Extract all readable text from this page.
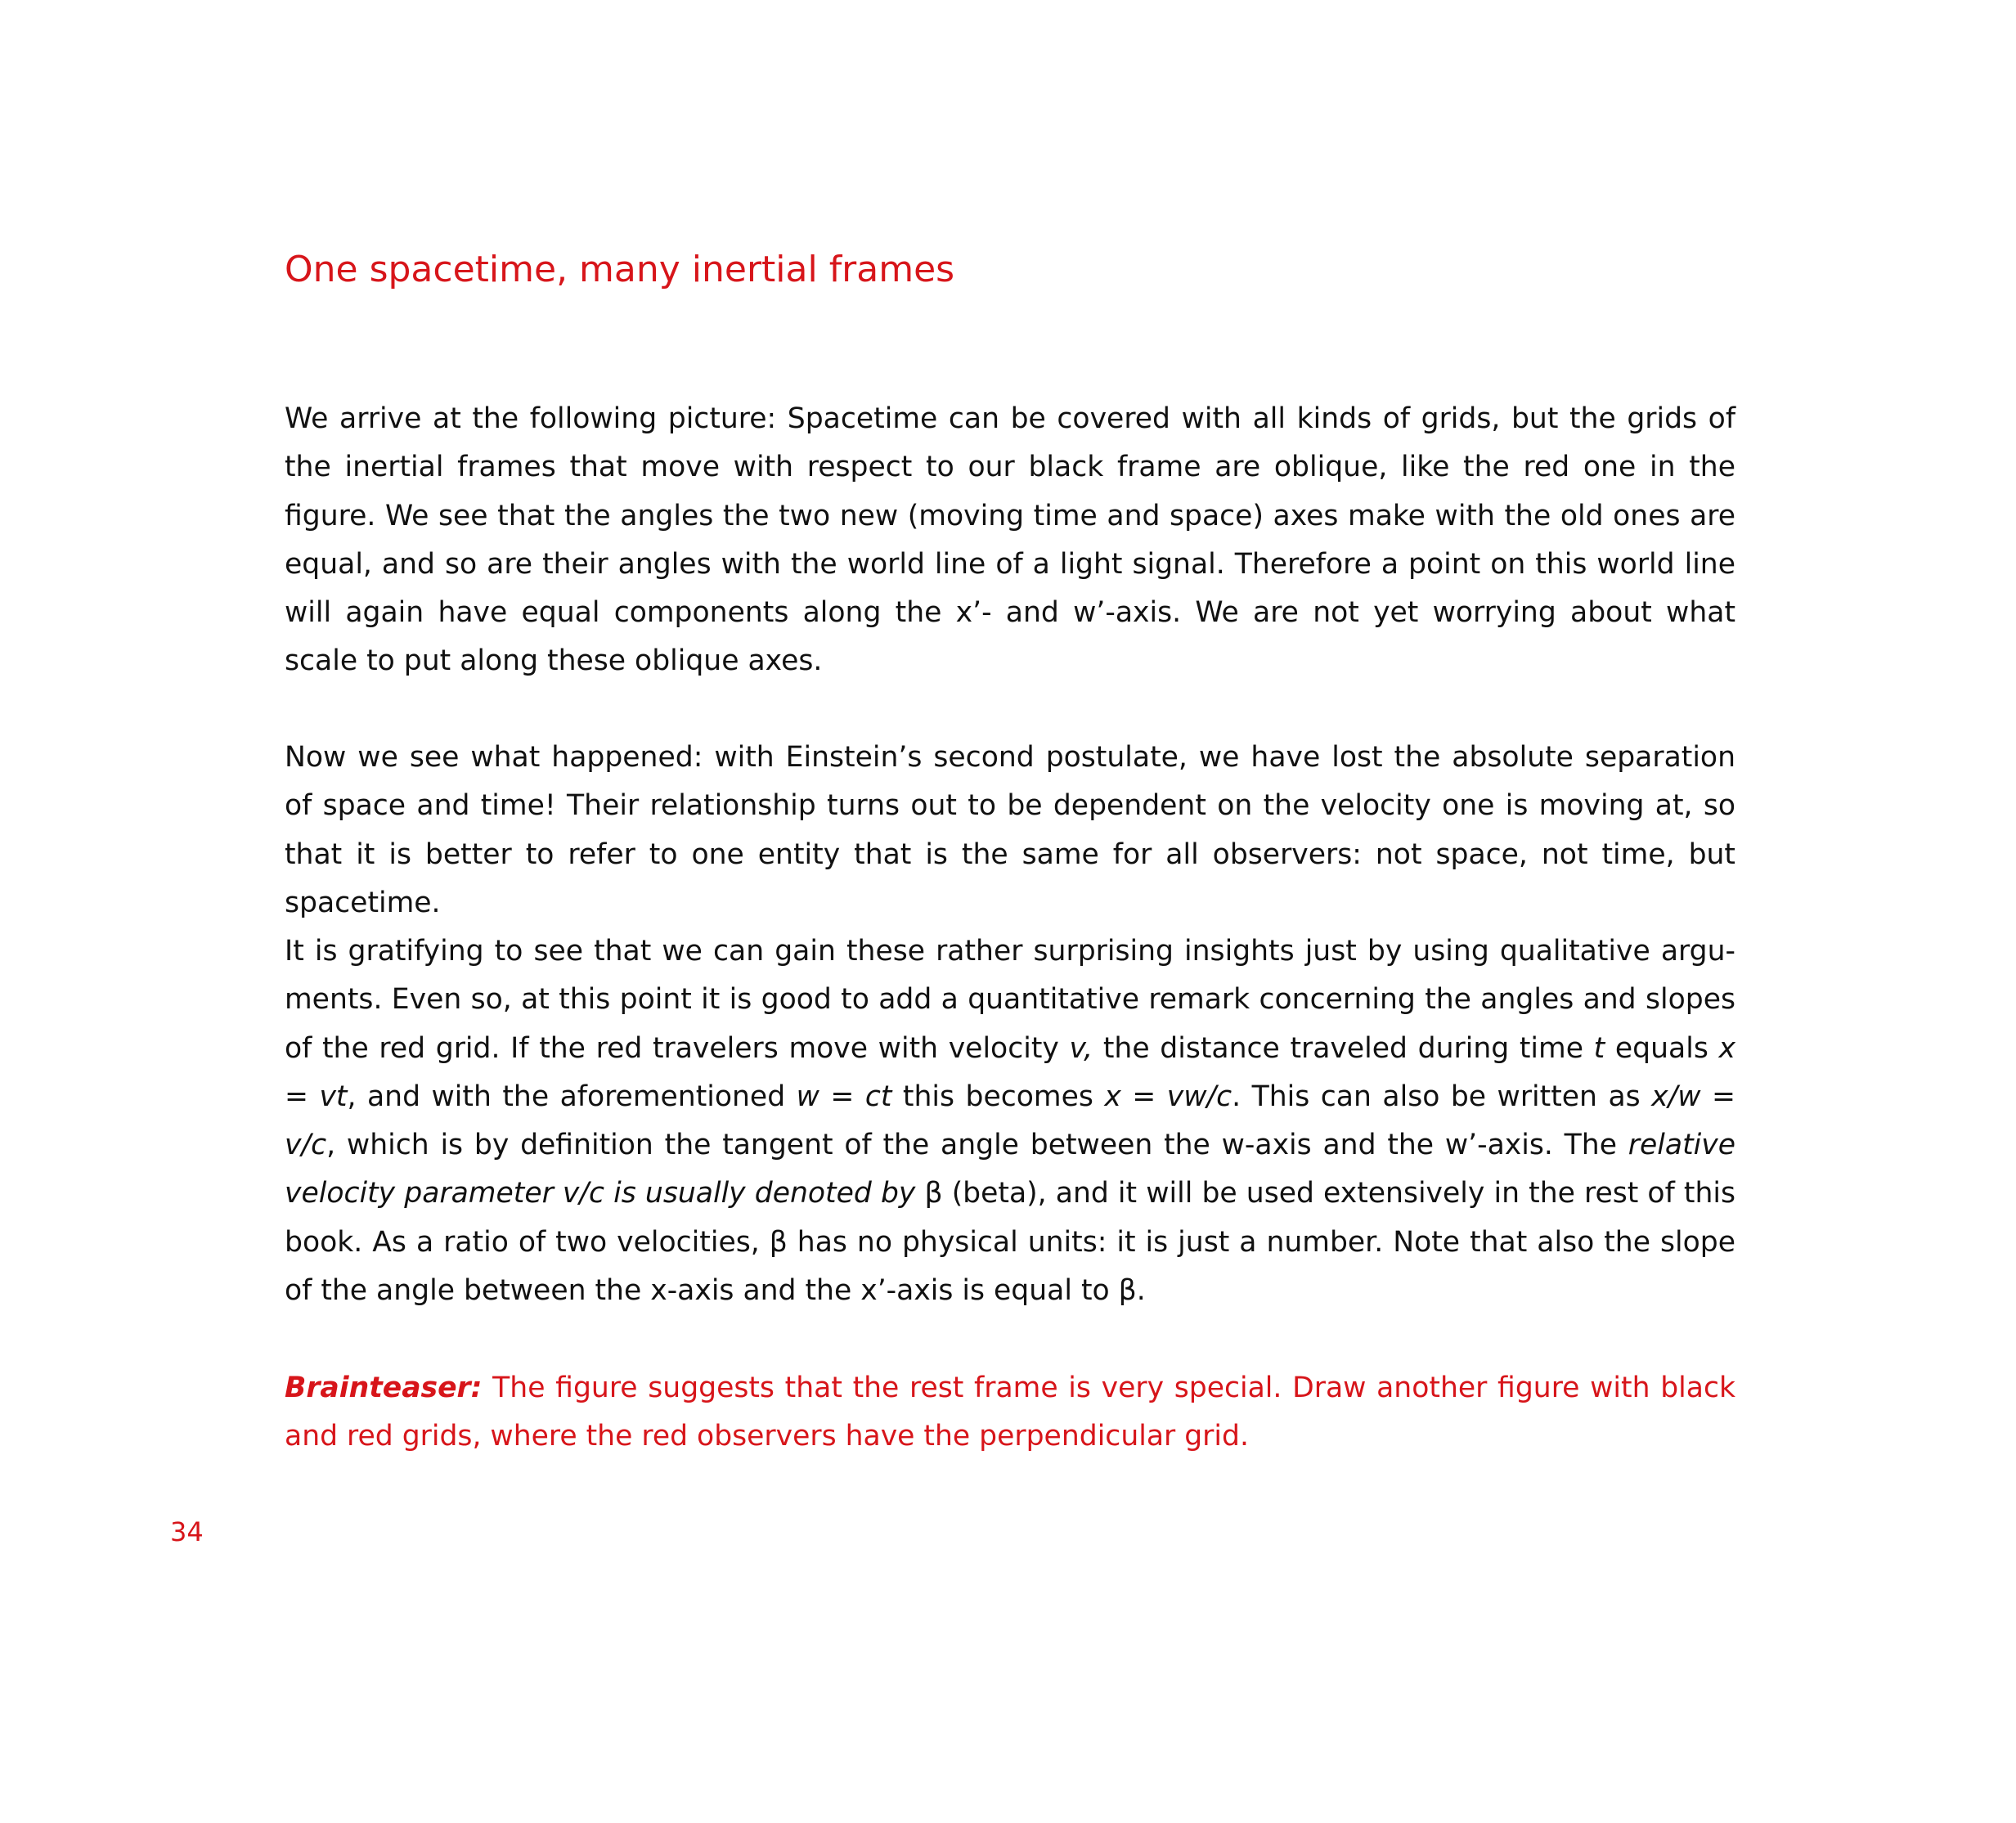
One spacetime, many inertial frames

We arrive at the following picture: Spacetime can be covered with all kinds of grids, but the grids of the inertial frames that move with respect to our black frame are oblique, like the red one in the figure. We see that the angles the two new (moving time and space) axes make with the old ones are equal, and so are their angles with the world line of a light signal. Therefore a point on this world line will again have equal components along the x’- and w’-axis. We are not yet worrying about what scale to put along these oblique axes.

Now we see what happened: with Einstein’s second postulate, we have lost the absolute separation of space and time! Their relationship turns out to be dependent on the velocity one is moving at, so that it is better to refer to one entity that is the same for all observers: not space, not time, but spacetime.

It is gratifying to see that we can gain these rather surprising insights just by using qualitative arguments. Even so, at this point it is good to add a quantitative remark concerning the angles and slopes of the red grid. If the red travelers move with velocity v, the distance traveled during time t equals x = vt, and with the aforementioned w = ct this becomes x = vw/c. This can also be written as x/w = v/c, which is by definition the tangent of the angle between the w-axis and the w’-axis. The relative velocity parameter v/c is usually denoted by β (beta), and it will be used extensively in the rest of this book. As a ratio of two velocities, β has no physical units: it is just a number. Note that also the slope of the angle between the x-axis and the x’-axis is equal to β.

Brainteaser: The figure suggests that the rest frame is very special. Draw another figure with black and red grids, where the red observers have the perpendicular grid.

34
